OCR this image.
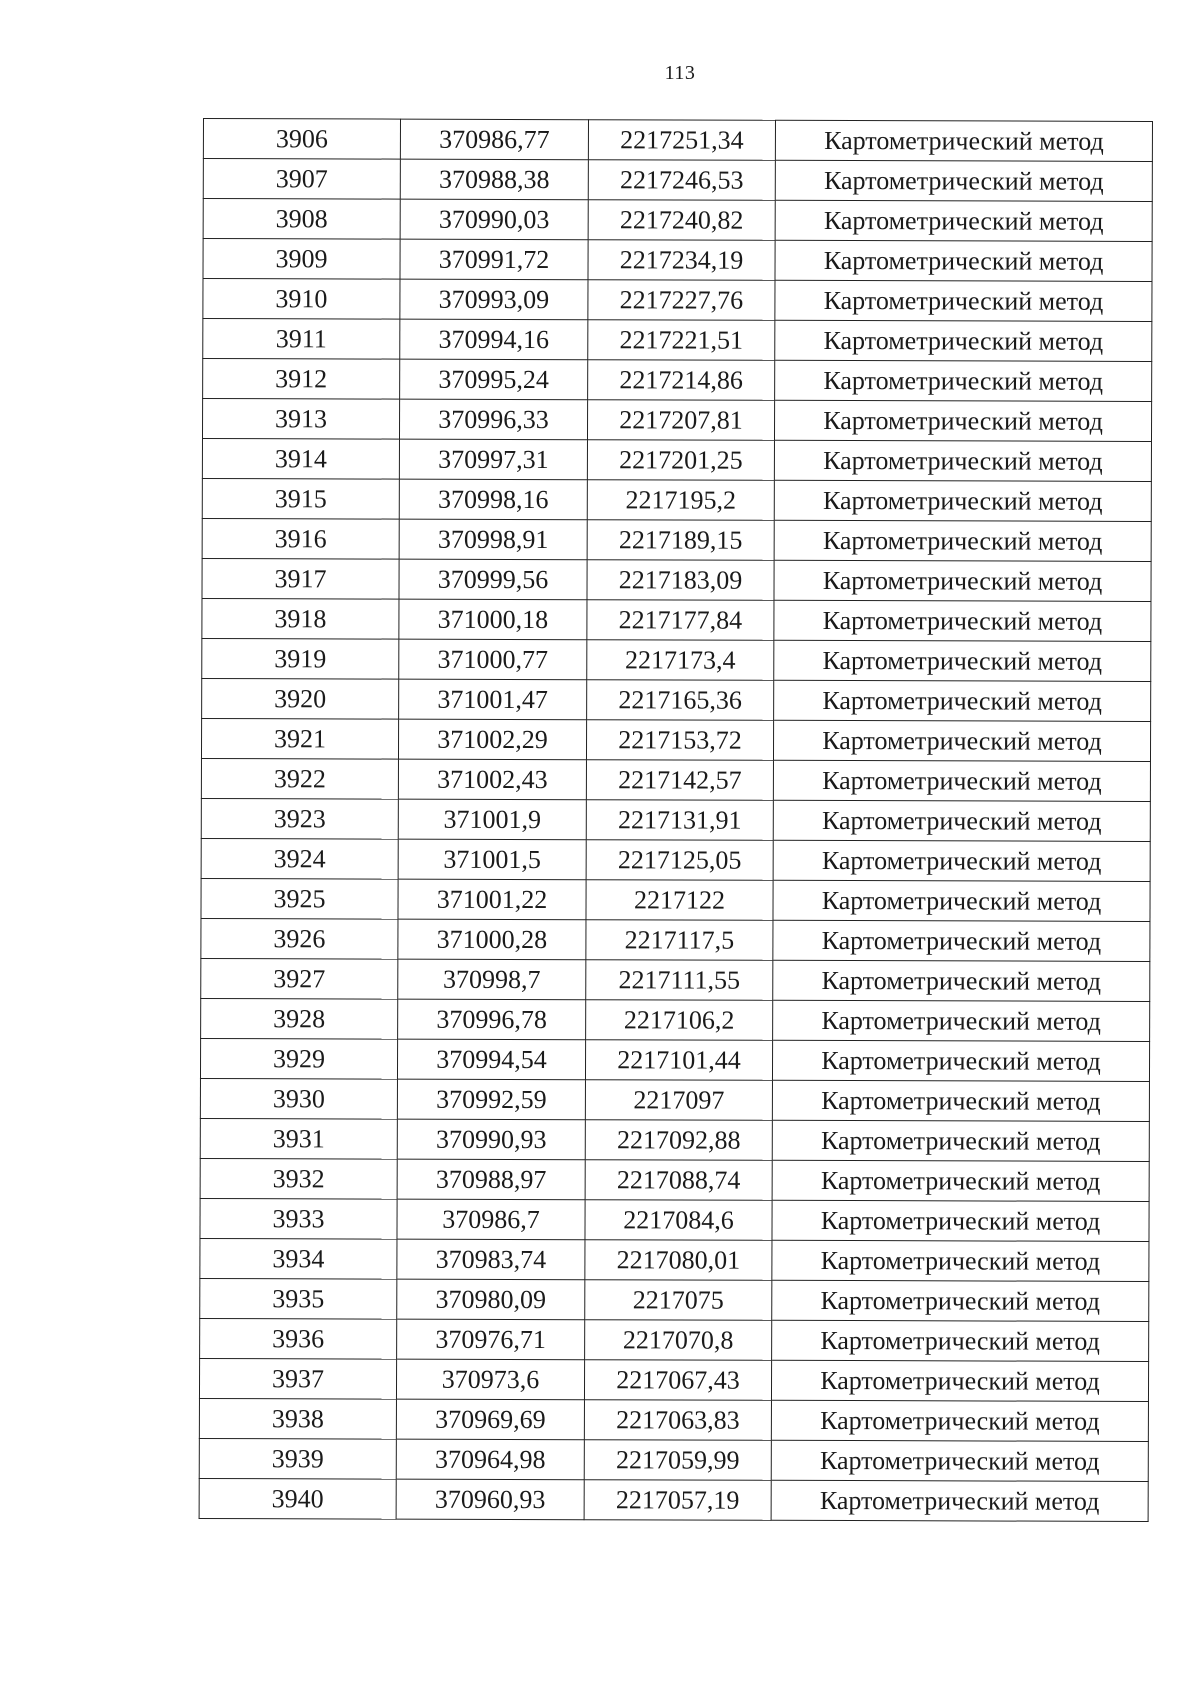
113
3906	370986,77	2217251,34	Картометрический метод
3907	370988,38	2217246,53	Картометрический метод
3908	370990,03	2217240,82	Картометрический метод
3909	370991,72	2217234,19	Картометрический метод
3910	370993,09	2217227,76	Картометрический метод
3911	370994,16	2217221,51	Картометрический метод
3912	370995,24	2217214,86	Картометрический метод
3913	370996,33	2217207,81	Картометрический метод
3914	370997,31	2217201,25	Картометрический метод
3915	370998,16	2217195,2	Картометрический метод
3916	370998,91	2217189,15	Картометрический метод
3917	370999,56	2217183,09	Картометрический метод
3918	371000,18	2217177,84	Картометрический метод
3919	371000,77	2217173,4	Картометрический метод
3920	371001,47	2217165,36	Картометрический метод
3921	371002,29	2217153,72	Картометрический метод
3922	371002,43	2217142,57	Картометрический метод
3923	371001,9	2217131,91	Картометрический метод
3924	371001,5	2217125,05	Картометрический метод
3925	371001,22	2217122	Картометрический метод
3926	371000,28	2217117,5	Картометрический метод
3927	370998,7	2217111,55	Картометрический метод
3928	370996,78	2217106,2	Картометрический метод
3929	370994,54	2217101,44	Картометрический метод
3930	370992,59	2217097	Картометрический метод
3931	370990,93	2217092,88	Картометрический метод
3932	370988,97	2217088,74	Картометрический метод
3933	370986,7	2217084,6	Картометрический метод
3934	370983,74	2217080,01	Картометрический метод
3935	370980,09	2217075	Картометрический метод
3936	370976,71	2217070,8	Картометрический метод
3937	370973,6	2217067,43	Картометрический метод
3938	370969,69	2217063,83	Картометрический метод
3939	370964,98	2217059,99	Картометрический метод
3940	370960,93	2217057,19	Картометрический метод
